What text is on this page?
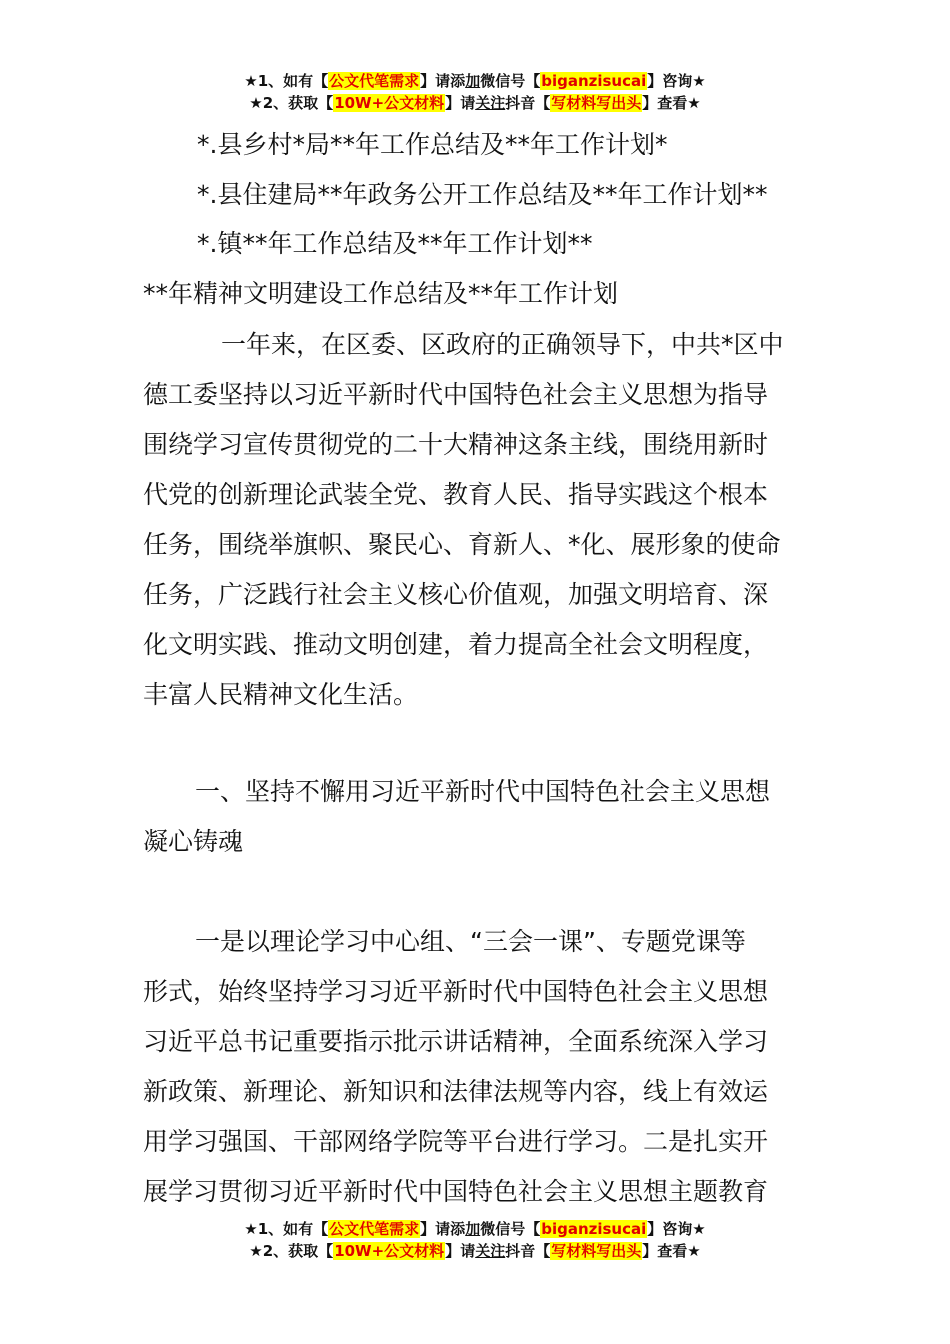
★1、如有【公文代笔需求】请添加微信号【biganzisucai】咨询★
★2、获取【10W+公文材料】请关注抖音【写材料写出头】查看★
*.县乡村*局**年工作总结及**年工作计划*
*.县住建局**年政务公开工作总结及**年工作计划**
*.镇**年工作总结及**年工作计划**
**年精神文明建设工作总结及**年工作计划
一年来，在区委、区政府的正确领导下，中共*区中
德工委坚持以习近平新时代中国特色社会主义思想为指导
围绕学习宣传贯彻党的二十大精神这条主线，围绕用新时
代党的创新理论武装全党、教育人民、指导实践这个根本
任务，围绕举旗帜、聚民心、育新人、*化、展形象的使命
任务，广泛践行社会主义核心价值观，加强文明培育、深
化文明实践、推动文明创建，着力提高全社会文明程度，
丰富人民精神文化生活。
一、坚持不懈用习近平新时代中国特色社会主义思想
凝心铸魂
一是以理论学习中心组、“三会一课”、专题党课等
形式，始终坚持学习习近平新时代中国特色社会主义思想
习近平总书记重要指示批示讲话精神，全面系统深入学习
新政策、新理论、新知识和法律法规等内容，线上有效运
用学习强国、干部网络学院等平台进行学习。二是扎实开
展学习贯彻习近平新时代中国特色社会主义思想主题教育
★1、如有【公文代笔需求】请添加微信号【biganzisucai】咨询★
★2、获取【10W+公文材料】请关注抖音【写材料写出头】查看★
